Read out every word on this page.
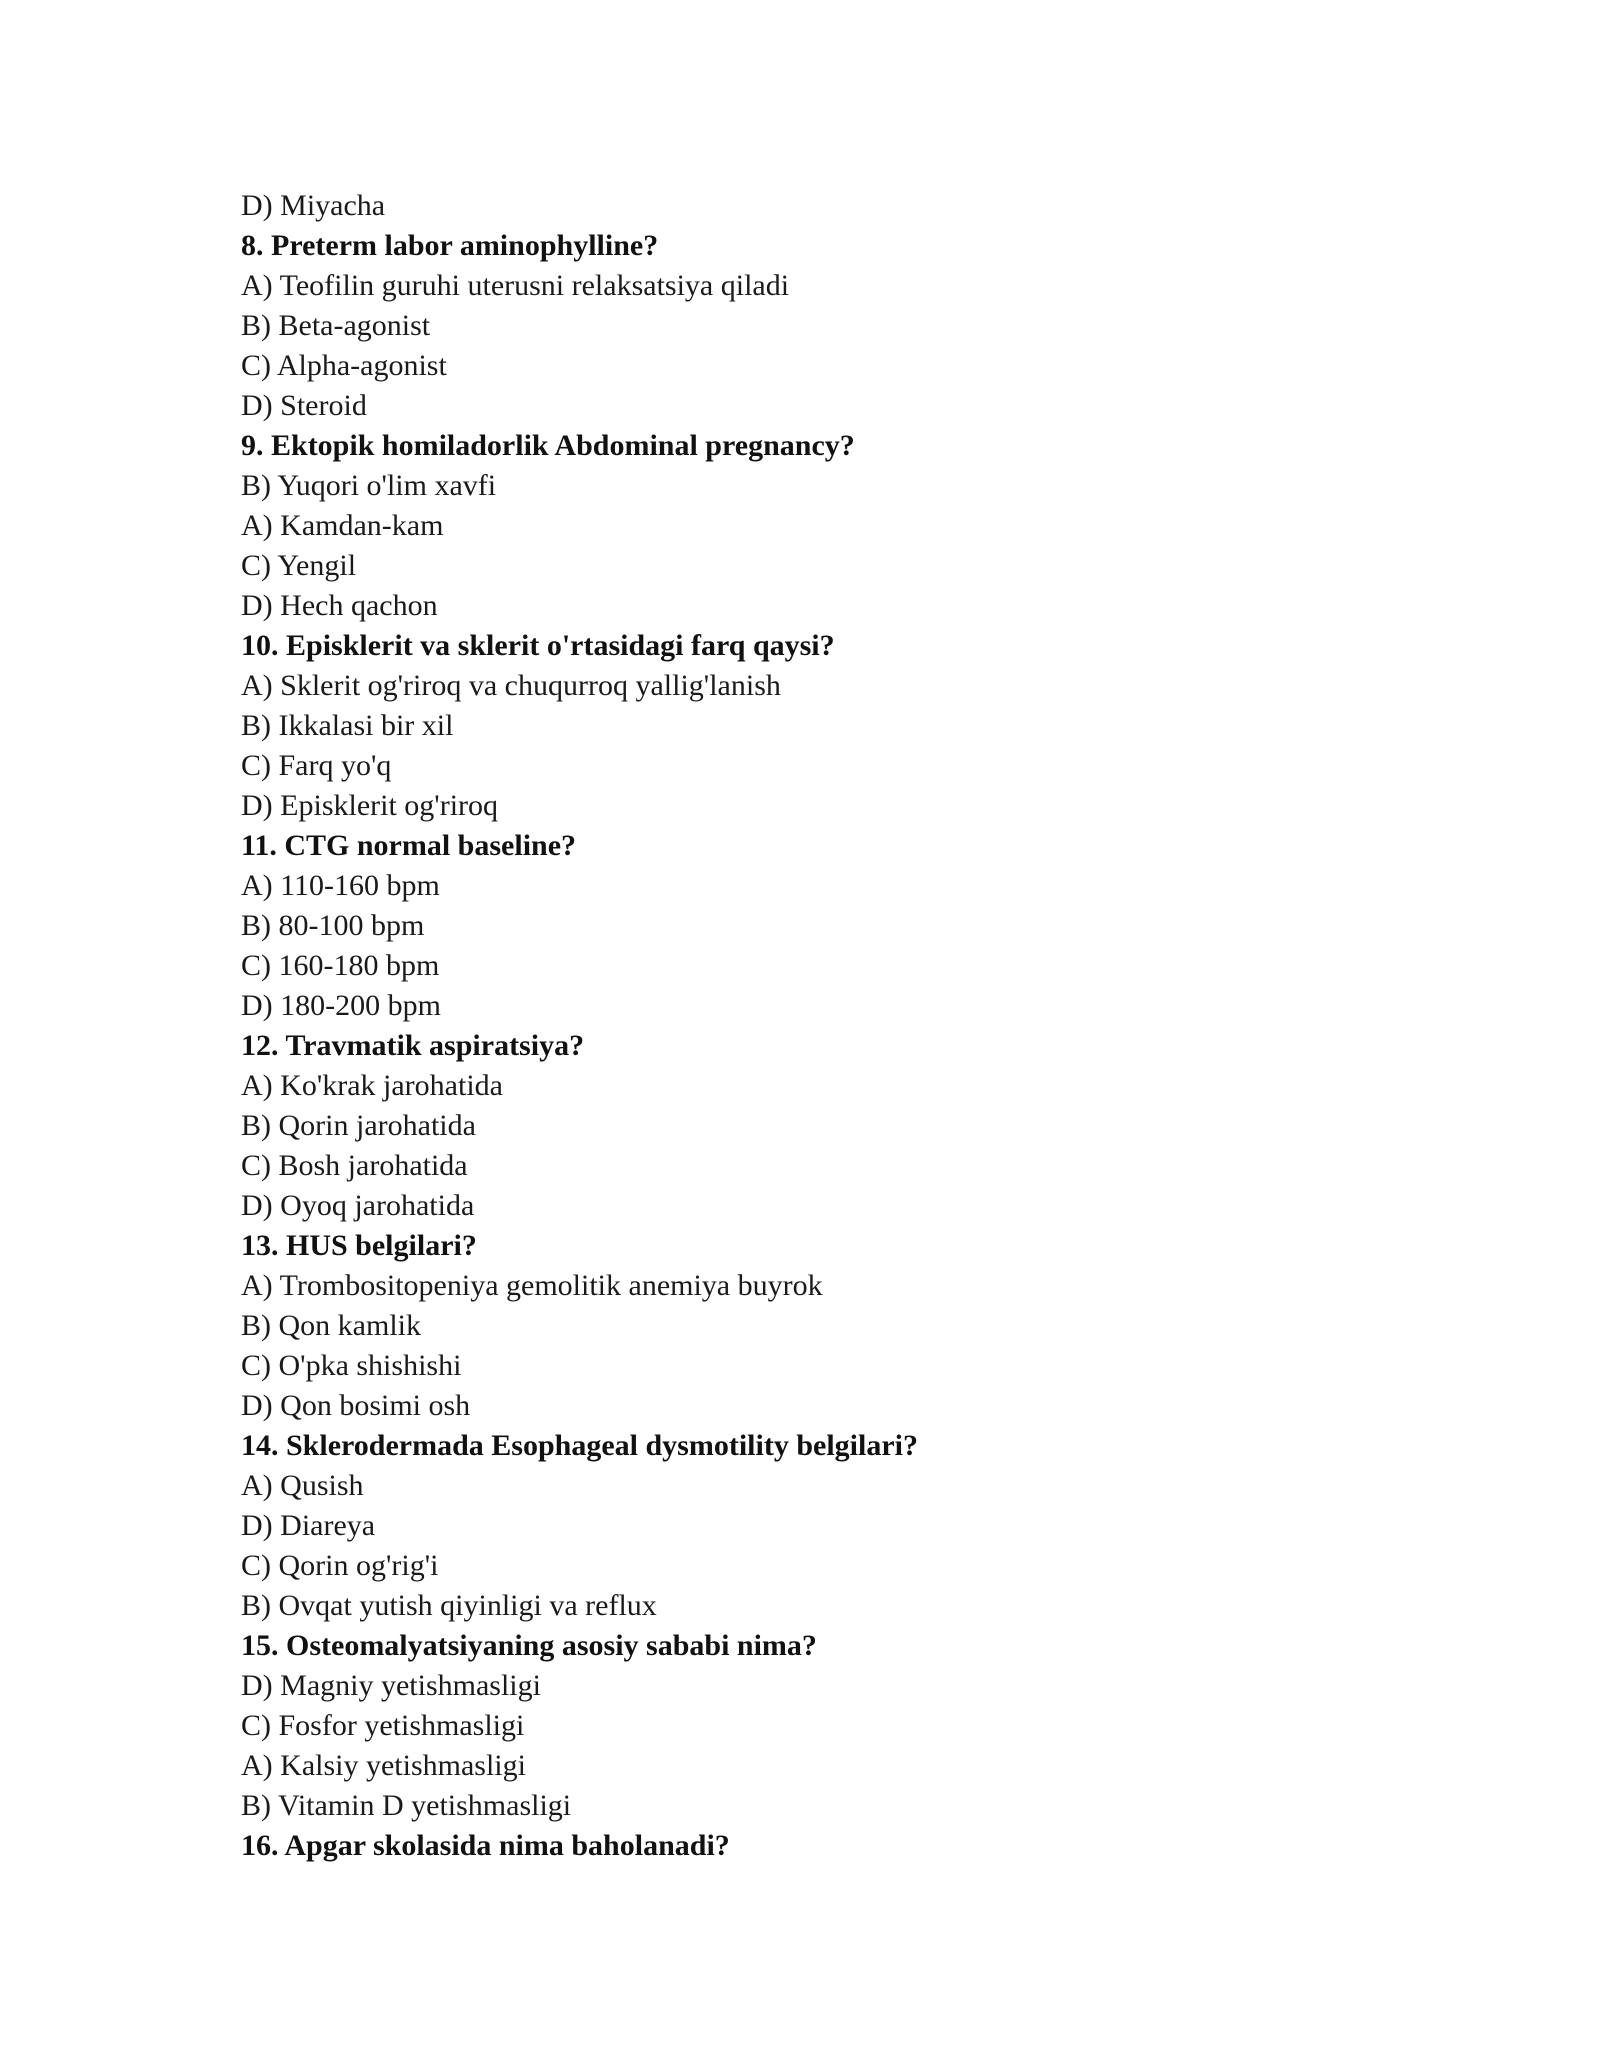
D) Miyacha
8. Preterm labor aminophylline?
A) Teofilin guruhi uterusni relaksatsiya qiladi
B) Beta-agonist
C) Alpha-agonist
D) Steroid
9. Ektopik homiladorlik Abdominal pregnancy?
B) Yuqori o'lim xavfi
A) Kamdan-kam
C) Yengil
D) Hech qachon
10. Episklerit va sklerit o'rtasidagi farq qaysi?
A) Sklerit og'riroq va chuqurroq yallig'lanish
B) Ikkalasi bir xil
C) Farq yo'q
D) Episklerit og'riroq
11. CTG normal baseline?
A) 110-160 bpm
B) 80-100 bpm
C) 160-180 bpm
D) 180-200 bpm
12. Travmatik aspiratsiya?
A) Ko'krak jarohatida
B) Qorin jarohatida
C) Bosh jarohatida
D) Oyoq jarohatida
13. HUS belgilari?
A) Trombositopeniya gemolitik anemiya buyrok
B) Qon kamlik
C) O'pka shishishi
D) Qon bosimi osh
14. Sklerodermada Esophageal dysmotility belgilari?
A) Qusish
D) Diareya
C) Qorin og'rig'i
B) Ovqat yutish qiyinligi va reflux
15. Osteomalyatsiyaning asosiy sababi nima?
D) Magniy yetishmasligi
C) Fosfor yetishmasligi
A) Kalsiy yetishmasligi
B) Vitamin D yetishmasligi
16. Apgar skolasida nima baholanadi?
